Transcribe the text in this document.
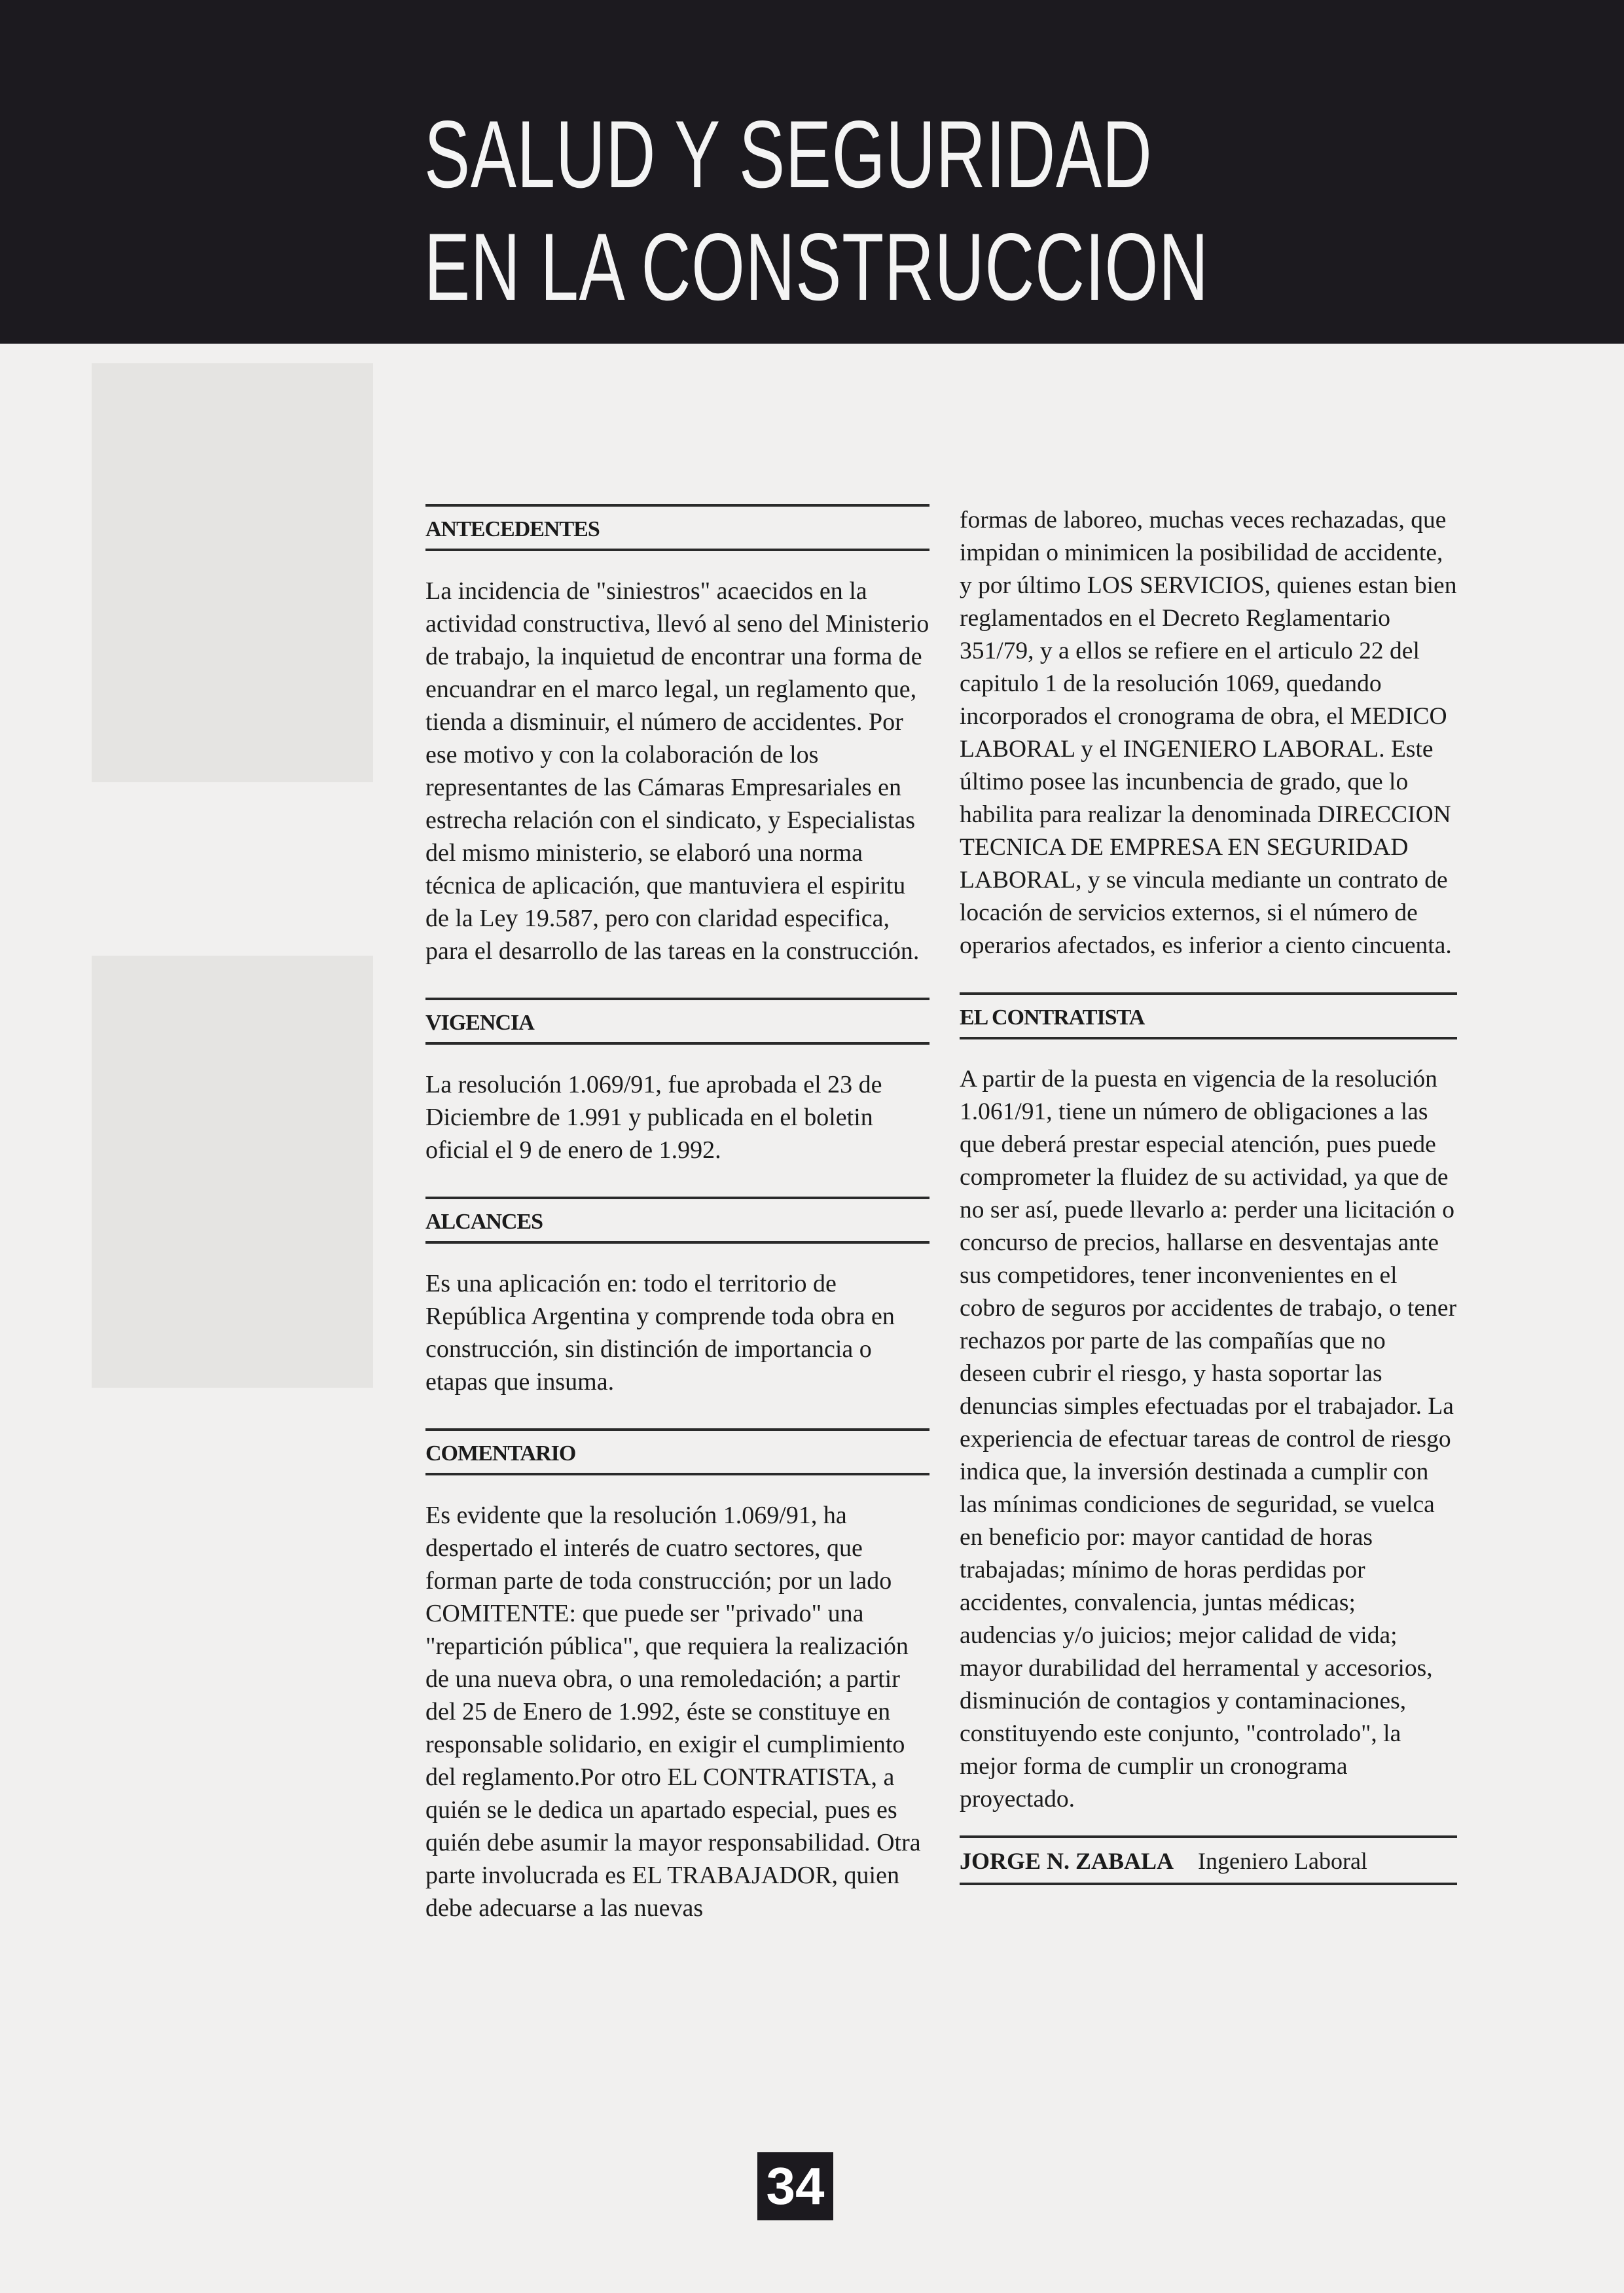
SALUD Y SEGURIDAD
EN LA CONSTRUCCION
ANTECEDENTES

La incidencia de "siniestros" acaecidos en la actividad constructiva, llevó al seno del Ministerio de trabajo, la inquietud de encontrar una forma de encuandrar en el marco legal, un reglamento que, tienda a disminuir, el número de accidentes. Por ese motivo y con la colaboración de los representantes de las Cámaras Empresariales en estrecha relación con el sindicato, y Especialistas del mismo ministerio, se elaboró una norma técnica de aplicación, que mantuviera el espiritu de la Ley 19.587, pero con claridad especifica, para el desarrollo de las tareas en la construcción.

VIGENCIA

La resolución 1.069/91, fue aprobada el 23 de Diciembre de 1.991 y publicada en el boletin oficial el 9 de enero de 1.992.

ALCANCES

Es una aplicación en: todo el territorio de República Argentina y comprende toda obra en construcción, sin distinción de importancia o etapas que insuma.

COMENTARIO

Es evidente que la resolución 1.069/91, ha despertado el interés de cuatro sectores, que forman parte de toda construcción; por un lado COMITENTE: que puede ser "privado" una "repartición pública", que requiera la realización de una nueva obra, o una remoledación; a partir del 25 de Enero de 1.992, éste se constituye en responsable solidario, en exigir el cumplimiento del reglamento.Por otro EL CONTRATISTA, a quién se le dedica un apartado especial, pues es quién debe asumir la mayor responsabilidad. Otra parte involucrada es EL TRABAJADOR, quien debe adecuarse a las nuevas

formas de laboreo, muchas veces rechazadas, que impidan o minimicen la posibilidad de accidente, y por último LOS SERVICIOS, quienes estan bien reglamentados en el Decreto Reglamentario 351/79, y a ellos se refiere en el articulo 22 del capitulo 1 de la resolución 1069, quedando incorporados el cronograma de obra, el MEDICO LABORAL y el INGENIERO LABORAL. Este último posee las incunbencia de grado, que lo habilita para realizar la denominada DIRECCION TECNICA DE EMPRESA EN SEGURIDAD LABORAL, y se vincula mediante un contrato de locación de servicios externos, si el número de operarios afectados, es inferior a ciento cincuenta.

EL CONTRATISTA

A partir de la puesta en vigencia de la resolución 1.061/91, tiene un número de obligaciones a las que deberá prestar especial atención, pues puede comprometer la fluidez de su actividad, ya que de no ser así, puede llevarlo a: perder una licitación o concurso de precios, hallarse en desventajas ante sus competidores, tener inconvenientes en el cobro de seguros por accidentes de trabajo, o tener rechazos por parte de las compañías que no deseen cubrir el riesgo, y hasta soportar las denuncias simples efectuadas por el trabajador. La experiencia de efectuar tareas de control de riesgo indica que, la inversión destinada a cumplir con las mínimas condiciones de seguridad, se vuelca en beneficio por: mayor cantidad de horas trabajadas; mínimo de horas perdidas por accidentes, convalencia, juntas médicas; audencias y/o juicios; mejor calidad de vida; mayor durabilidad del herramental y accesorios, disminución de contagios y contaminaciones, constituyendo este conjunto, "controlado", la mejor forma de cumplir un cronograma proyectado.

JORGE N. ZABALA Ingeniero Laboral
34
